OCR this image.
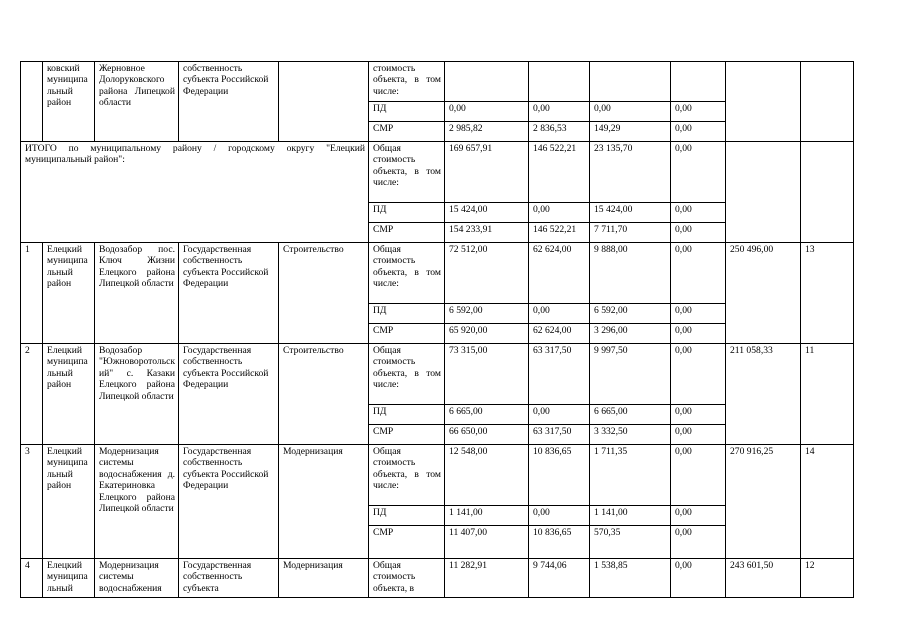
	ковский муниципальный район	Жерновное Долоруковского района Липецкой области	собственность субъекта Российской Федерации		стоимость объекта, в том числе:						
					ПД	0,00	0,00	0,00	0,00		
					СМР	2 985,82	2 836,53	149,29	0,00		
ИТОГО по муниципальному району / городскому округу "Елецкий муниципальный район":					Общая стоимость объекта, в том числе:	169 657,91	146 522,21	23 135,70	0,00		
					ПД	15 424,00	0,00	15 424,00	0,00		
					СМР	154 233,91	146 522,21	7 711,70	0,00		
1	Елецкий муниципальный район	Водозабор пос. Ключ Жизни Елецкого района Липецкой области	Государственная собственность субъекта Российской Федерации	Строительство	Общая стоимость объекта, в том числе:	72 512,00	62 624,00	9 888,00	0,00	250 496,00	13
					ПД	6 592,00	0,00	6 592,00	0,00		
					СМР	65 920,00	62 624,00	3 296,00	0,00		
2	Елецкий муниципальный район	Водозабор "Южноворотольский" с. Казаки Елецкого района Липецкой области	Государственная собственность субъекта Российской Федерации	Строительство	Общая стоимость объекта, в том числе:	73 315,00	63 317,50	9 997,50	0,00	211 058,33	11
					ПД	6 665,00	0,00	6 665,00	0,00		
					СМР	66 650,00	63 317,50	3 332,50	0,00		
3	Елецкий муниципальный район	Модернизация системы водоснабжения д. Екатериновка Елецкого района Липецкой области	Государственная собственность субъекта Российской Федерации	Модернизация	Общая стоимость объекта, в том числе:	12 548,00	10 836,65	1 711,35	0,00	270 916,25	14
					ПД	1 141,00	0,00	1 141,00	0,00		
					СМР	11 407,00	10 836,65	570,35	0,00		
4	Елецкий муниципальный	Модернизация системы водоснабжения	Государственная собственность субъекта	Модернизация	Общая стоимость объекта, в	11 282,91	9 744,06	1 538,85	0,00	243 601,50	12
